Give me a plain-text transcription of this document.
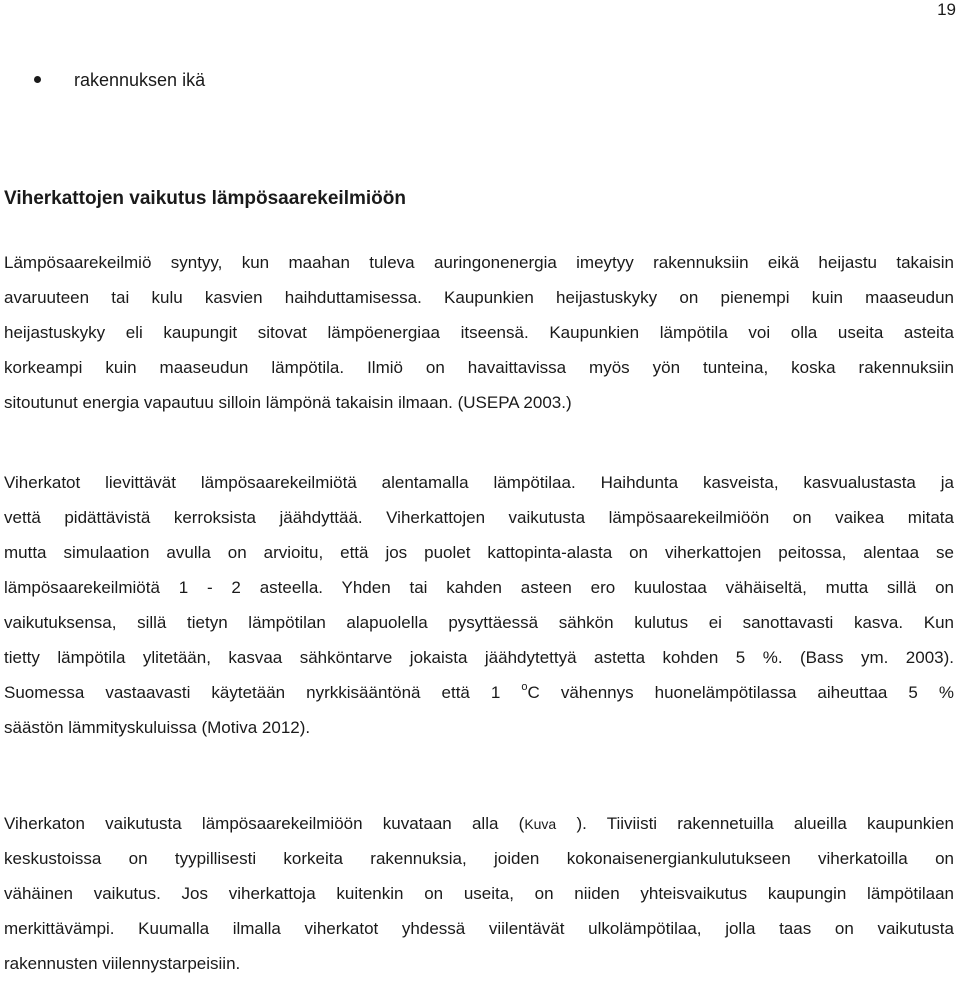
19
rakennuksen ikä
Viherkattojen vaikutus lämpösaarekeilmiöön
Lämpösaarekeilmiö syntyy, kun maahan tuleva auringonenergia imeytyy rakennuksiin eikä heijastu takaisin
avaruuteen tai kulu kasvien haihduttamisessa. Kaupunkien heijastuskyky on pienempi kuin maaseudun
heijastuskyky eli kaupungit sitovat lämpöenergiaa itseensä. Kaupunkien lämpötila voi olla useita asteita
korkeampi kuin maaseudun lämpötila. Ilmiö on havaittavissa myös yön tunteina, koska rakennuksiin
sitoutunut energia vapautuu silloin lämpönä takaisin ilmaan. (USEPA 2003.)
Viherkatot lievittävät lämpösaarekeilmiötä alentamalla lämpötilaa. Haihdunta kasveista, kasvualustasta ja
vettä pidättävistä kerroksista jäähdyttää. Viherkattojen vaikutusta lämpösaarekeilmiöön on vaikea mitata
mutta simulaation avulla on arvioitu, että jos puolet kattopinta-alasta on viherkattojen peitossa, alentaa se
lämpösaarekeilmiötä 1 - 2 asteella. Yhden tai kahden asteen ero kuulostaa vähäiseltä, mutta sillä on
vaikutuksensa, sillä tietyn lämpötilan alapuolella pysyttäessä sähkön kulutus ei sanottavasti kasva. Kun
tietty lämpötila ylitetään, kasvaa sähköntarve jokaista jäähdytettyä astetta kohden 5 %. (Bass ym. 2003).
Suomessa vastaavasti käytetään nyrkkisääntönä että 1 $^o$C vähennys huonelämpötilassa aiheuttaa 5 %
säästön lämmityskuluissa (Motiva 2012).
Viherkaton vaikutusta lämpösaarekeilmiöön kuvataan alla (Kuva ). Tiiviisti rakennetuilla alueilla kaupunkien
keskustoissa on tyypillisesti korkeita rakennuksia, joiden kokonaisenergiankulutukseen viherkatoilla on
vähäinen vaikutus. Jos viherkattoja kuitenkin on useita, on niiden yhteisvaikutus kaupungin lämpötilaan
merkittävämpi. Kuumalla ilmalla viherkatot yhdessä viilentävät ulkolämpötilaa, jolla taas on vaikutusta
rakennusten viilennystarpeisiin.
